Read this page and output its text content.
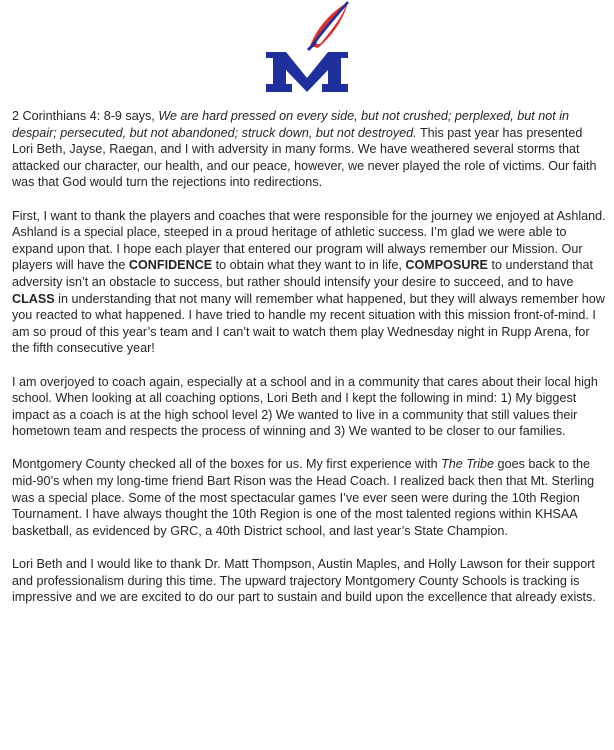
2 Corinthians 4: 8-9 says, We are hard pressed on every side, but not crushed; perplexed, but not in despair; persecuted, but not abandoned; struck down, but not destroyed. This past year has presented Lori Beth, Jayse, Raegan, and I with adversity in many forms. We have weathered several storms that attacked our character, our health, and our peace, however, we never played the role of victims. Our faith was that God would turn the rejections into redirections.

First, I want to thank the players and coaches that were responsible for the journey we enjoyed at Ashland. Ashland is a special place, steeped in a proud heritage of athletic success. I’m glad we were able to expand upon that. I hope each player that entered our program will always remember our Mission. Our players will have the CONFIDENCE to obtain what they want to in life, COMPOSURE to understand that adversity isn’t an obstacle to success, but rather should intensify your desire to succeed, and to have CLASS in understanding that not many will remember what happened, but they will always remember how you reacted to what happened. I have tried to handle my recent situation with this mission front-of-mind. I am so proud of this year’s team and I can’t wait to watch them play Wednesday night in Rupp Arena, for the fifth consecutive year!

I am overjoyed to coach again, especially at a school and in a community that cares about their local high school. When looking at all coaching options, Lori Beth and I kept the following in mind: 1) My biggest impact as a coach is at the high school level 2) We wanted to live in a community that still values their hometown team and respects the process of winning and 3) We wanted to be closer to our families.

Montgomery County checked all of the boxes for us. My first experience with The Tribe goes back to the mid-90’s when my long-time friend Bart Rison was the Head Coach. I realized back then that Mt. Sterling was a special place. Some of the most spectacular games I’ve ever seen were during the 10th Region Tournament. I have always thought the 10th Region is one of the most talented regions within KHSAA basketball, as evidenced by GRC, a 40th District school, and last year’s State Champion.

Lori Beth and I would like to thank Dr. Matt Thompson, Austin Maples, and Holly Lawson for their support and professionalism during this time. The upward trajectory Montgomery County Schools is tracking is impressive and we are excited to do our part to sustain and build upon the excellence that already exists.
